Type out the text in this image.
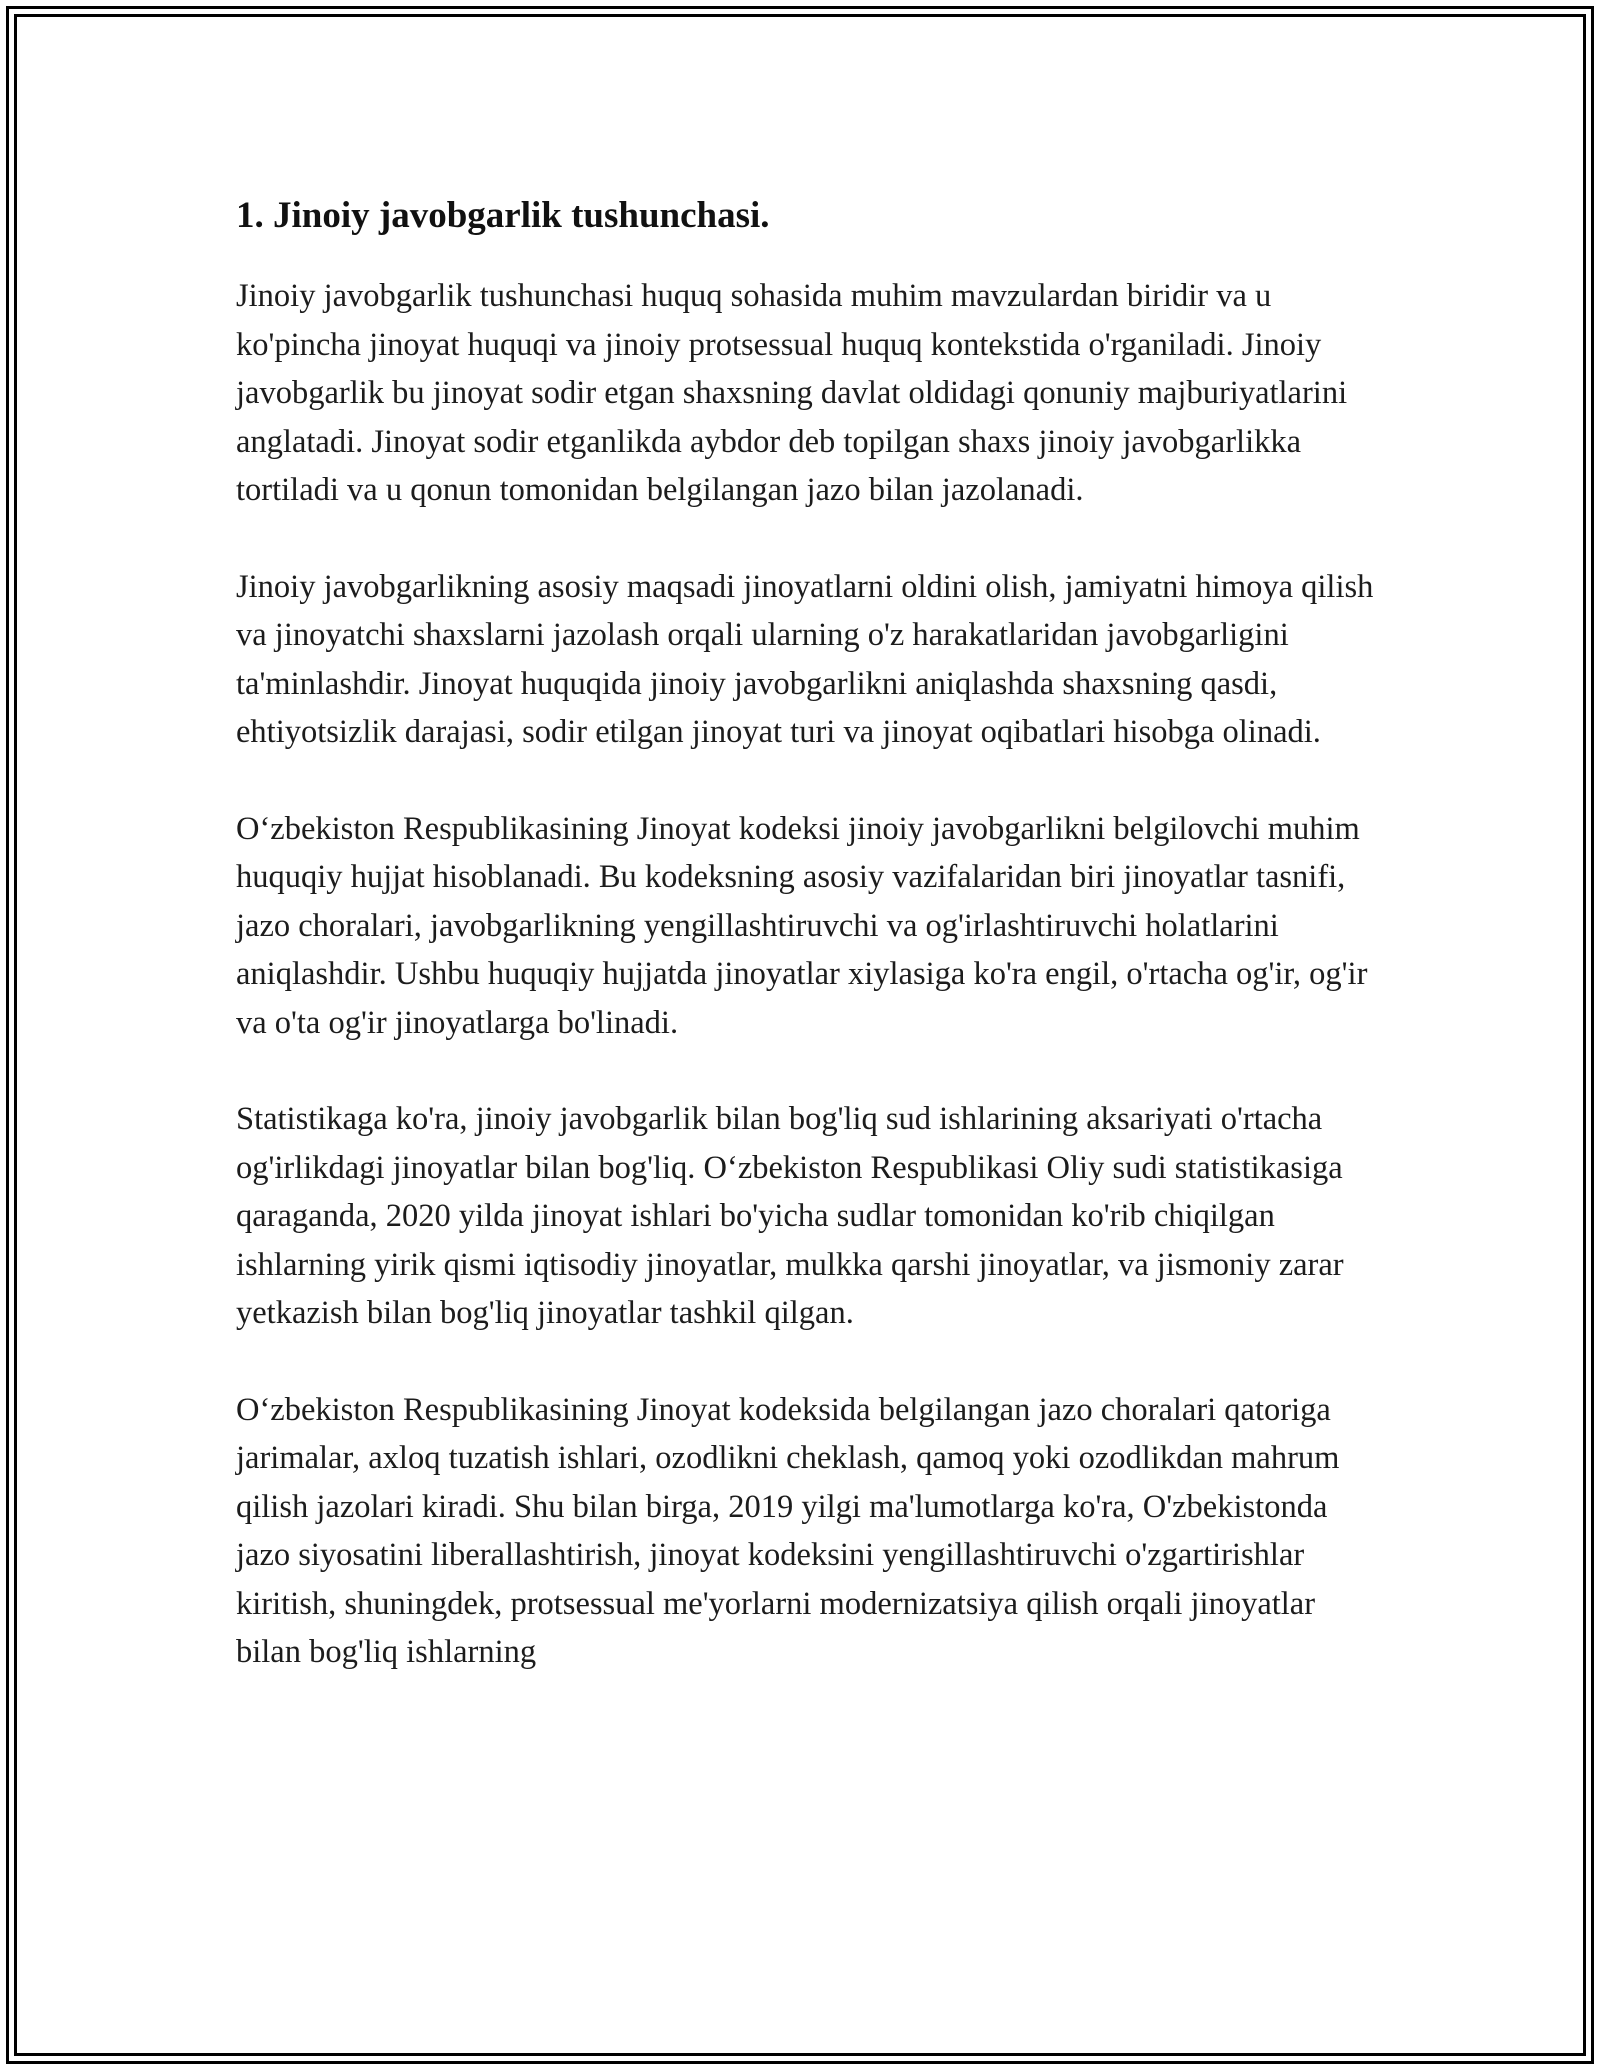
1. Jinoiy javobgarlik tushunchasi.

Jinoiy javobgarlik tushunchasi huquq sohasida muhim mavzulardan biridir va u ko'pincha jinoyat huquqi va jinoiy protsessual huquq kontekstida o'rganiladi. Jinoiy javobgarlik bu jinoyat sodir etgan shaxsning davlat oldidagi qonuniy majburiyatlarini anglatadi. Jinoyat sodir etganlikda aybdor deb topilgan shaxs jinoiy javobgarlikka tortiladi va u qonun tomonidan belgilangan jazo bilan jazolanadi.

Jinoiy javobgarlikning asosiy maqsadi jinoyatlarni oldini olish, jamiyatni himoya qilish va jinoyatchi shaxslarni jazolash orqali ularning o'z harakatlaridan javobgarligini ta'minlashdir. Jinoyat huquqida jinoiy javobgarlikni aniqlashda shaxsning qasdi, ehtiyotsizlik darajasi, sodir etilgan jinoyat turi va jinoyat oqibatlari hisobga olinadi.

O‘zbekiston Respublikasining Jinoyat kodeksi jinoiy javobgarlikni belgilovchi muhim huquqiy hujjat hisoblanadi. Bu kodeksning asosiy vazifalaridan biri jinoyatlar tasnifi, jazo choralari, javobgarlikning yengillashtiruvchi va og'irlashtiruvchi holatlarini aniqlashdir. Ushbu huquqiy hujjatda jinoyatlar xiylasiga ko'ra engil, o'rtacha og'ir, og'ir va o'ta og'ir jinoyatlarga bo'linadi.

Statistikaga ko'ra, jinoiy javobgarlik bilan bog'liq sud ishlarining aksariyati o'rtacha og'irlikdagi jinoyatlar bilan bog'liq. O‘zbekiston Respublikasi Oliy sudi statistikasiga qaraganda, 2020 yilda jinoyat ishlari bo'yicha sudlar tomonidan ko'rib chiqilgan ishlarning yirik qismi iqtisodiy jinoyatlar, mulkka qarshi jinoyatlar, va jismoniy zarar yetkazish bilan bog'liq jinoyatlar tashkil qilgan.

O‘zbekiston Respublikasining Jinoyat kodeksida belgilangan jazo choralari qatoriga jarimalar, axloq tuzatish ishlari, ozodlikni cheklash, qamoq yoki ozodlikdan mahrum qilish jazolari kiradi. Shu bilan birga, 2019 yilgi ma'lumotlarga ko'ra, O'zbekistonda jazo siyosatini liberallashtirish, jinoyat kodeksini yengillashtiruvchi o'zgartirishlar kiritish, shuningdek, protsessual me'yorlarni modernizatsiya qilish orqali jinoyatlar bilan bog'liq ishlarning
